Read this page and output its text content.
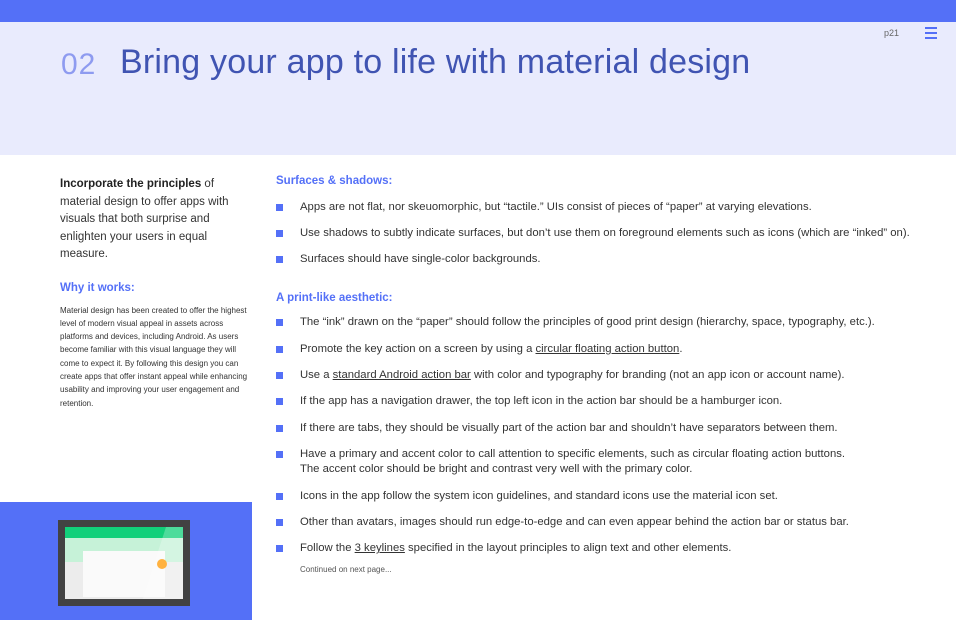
p21
02 Bring your app to life with material design

Incorporate the principles of material design to offer apps with visuals that both surprise and enlighten your users in equal measure.

Why it works:

Material design has been created to offer the highest level of modern visual appeal in assets across platforms and devices, including Android. As users become familiar with this visual language they will come to expect it. By following this design you can create apps that offer instant appeal while enhancing usability and improving your user engagement and retention.

Surfaces & shadows:
Apps are not flat, nor skeuomorphic, but “tactile.” UIs consist of pieces of “paper” at varying elevations.
Use shadows to subtly indicate surfaces, but don’t use them on foreground elements such as icons (which are “inked” on).
Surfaces should have single-color backgrounds.
A print-like aesthetic:
The “ink” drawn on the “paper” should follow the principles of good print design (hierarchy, space, typography, etc.).
Promote the key action on a screen by using a circular floating action button.
Use a standard Android action bar with color and typography for branding (not an app icon or account name).
If the app has a navigation drawer, the top left icon in the action bar should be a hamburger icon.
If there are tabs, they should be visually part of the action bar and shouldn’t have separators between them.
Have a primary and accent color to call attention to specific elements, such as circular floating action buttons.
The accent color should be bright and contrast very well with the primary color.
Icons in the app follow the system icon guidelines, and standard icons use the material icon set.
Other than avatars, images should run edge-to-edge and can even appear behind the action bar or status bar.
Follow the 3 keylines specified in the layout principles to align text and other elements.
Continued on next page...
